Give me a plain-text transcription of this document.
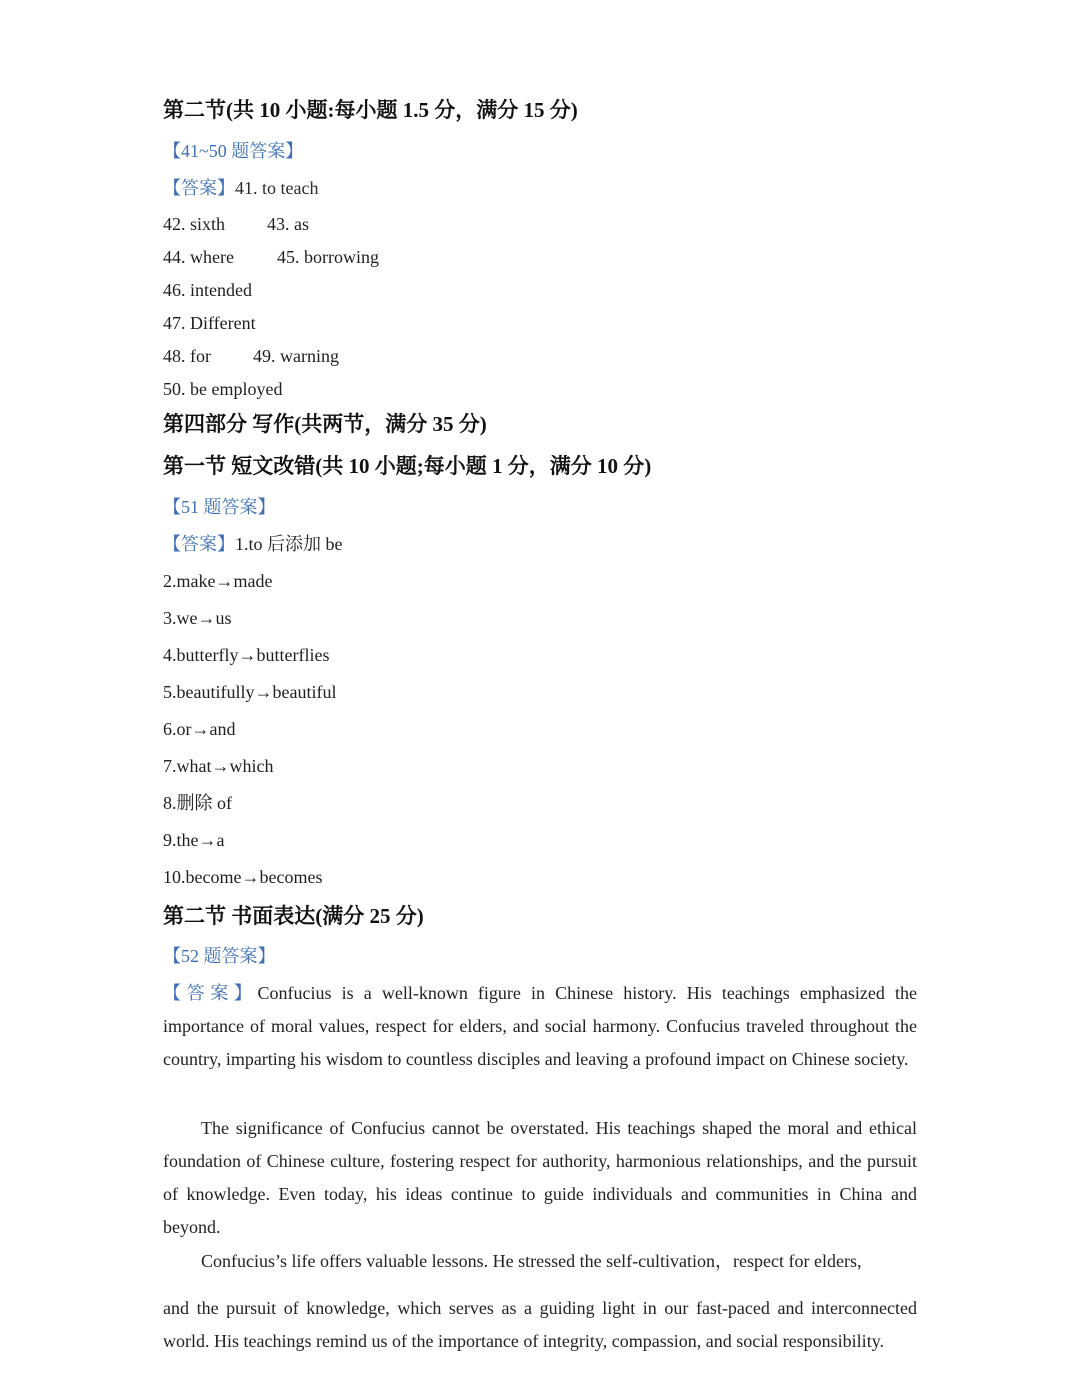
第二节(共 10 小题:每小题 1.5 分，满分 15 分)
【41~50 题答案】
【答案】41. to teach
42. sixth 43. as
44. where 45. borrowing
46. intended
47. Different
48. for 49. warning
50. be employed
第四部分 写作(共两节，满分 35 分)
第一节 短文改错(共 10 小题;每小题 1 分，满分 10 分)
【51 题答案】
【答案】1.to 后添加 be
2.make→made
3.we→us
4.butterfly→butterflies
5.beautifully→beautiful
6.or→and
7.what→which
8.删除 of
9.the→a
10.become→becomes
第二节 书面表达(满分 25 分)
【52 题答案】
【答案】Confucius is a well-known figure in Chinese history. His teachings emphasized the importance of moral values, respect for elders, and social harmony. Confucius traveled throughout the country, imparting his wisdom to countless disciples and leaving a profound impact on Chinese society.
The significance of Confucius cannot be overstated. His teachings shaped the moral and ethical foundation of Chinese culture, fostering respect for authority, harmonious relationships, and the pursuit of knowledge. Even today, his ideas continue to guide individuals and communities in China and beyond.
Confucius’s life offers valuable lessons. He stressed the self-cultivation，respect for elders,
and the pursuit of knowledge, which serves as a guiding light in our fast-paced and interconnected world. His teachings remind us of the importance of integrity, compassion, and social responsibility.
